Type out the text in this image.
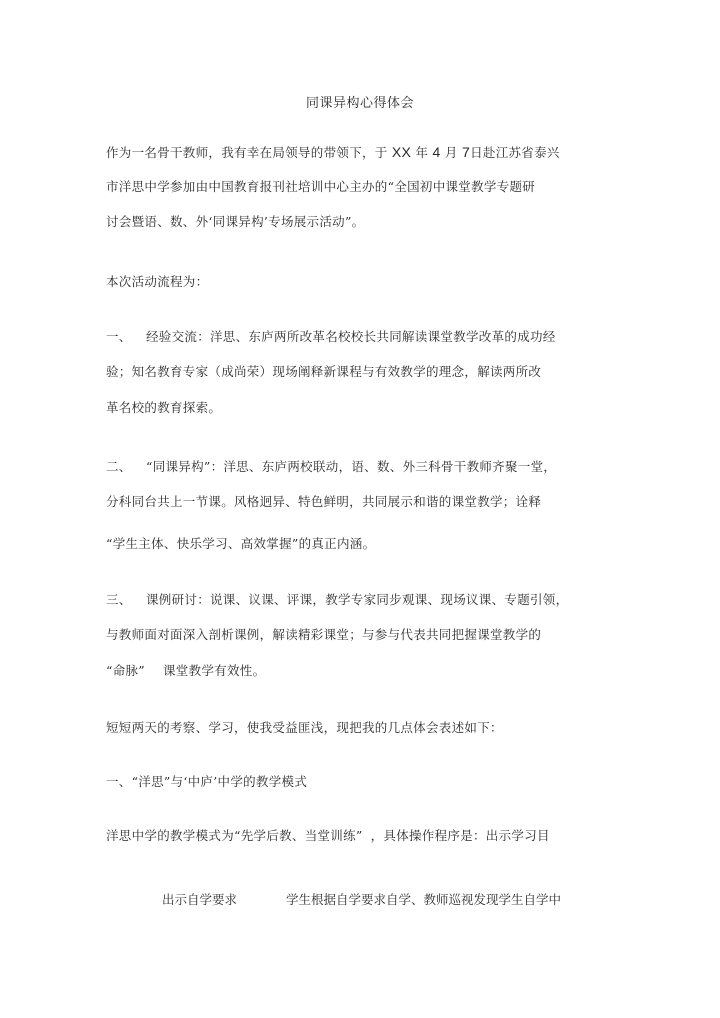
同课异构心得体会
作为一名骨干教师，我有幸在局领导的带领下，于 XX 年 4 月 7日赴江苏省泰兴
市洋思中学参加由中国教育报刊社培训中心主办的“全国初中课堂教学专题研
讨会暨语、数、外‘同课异构’专场展示活动”。
本次活动流程为：
一、 经验交流：洋思、东庐两所改革名校校长共同解读课堂教学改革的成功经
验；知名教育专家（成尚荣）现场阐释新课程与有效教学的理念，解读两所改
革名校的教育探索。
二、 “同课异构”：洋思、东庐两校联动，语、数、外三科骨干教师齐聚一堂，
分科同台共上一节课。风格迥异、特色鲜明，共同展示和谐的课堂教学；诠释
“学生主体、快乐学习、高效掌握”的真正内涵。
三、 课例研讨：说课、议课、评课，教学专家同步观课、现场议课、专题引领，
与教师面对面深入剖析课例，解读精彩课堂；与参与代表共同把握课堂教学的
“命脉” 课堂教学有效性。
短短两天的考察、学习，使我受益匪浅，现把我的几点体会表述如下：
一、“洋思”与‘中庐’中学的教学模式
洋思中学的教学模式为“先学后教、当堂训练” ，具体操作程序是：出示学习目
出示自学要求	学生根据自学要求自学、教师巡视发现学生自学中
